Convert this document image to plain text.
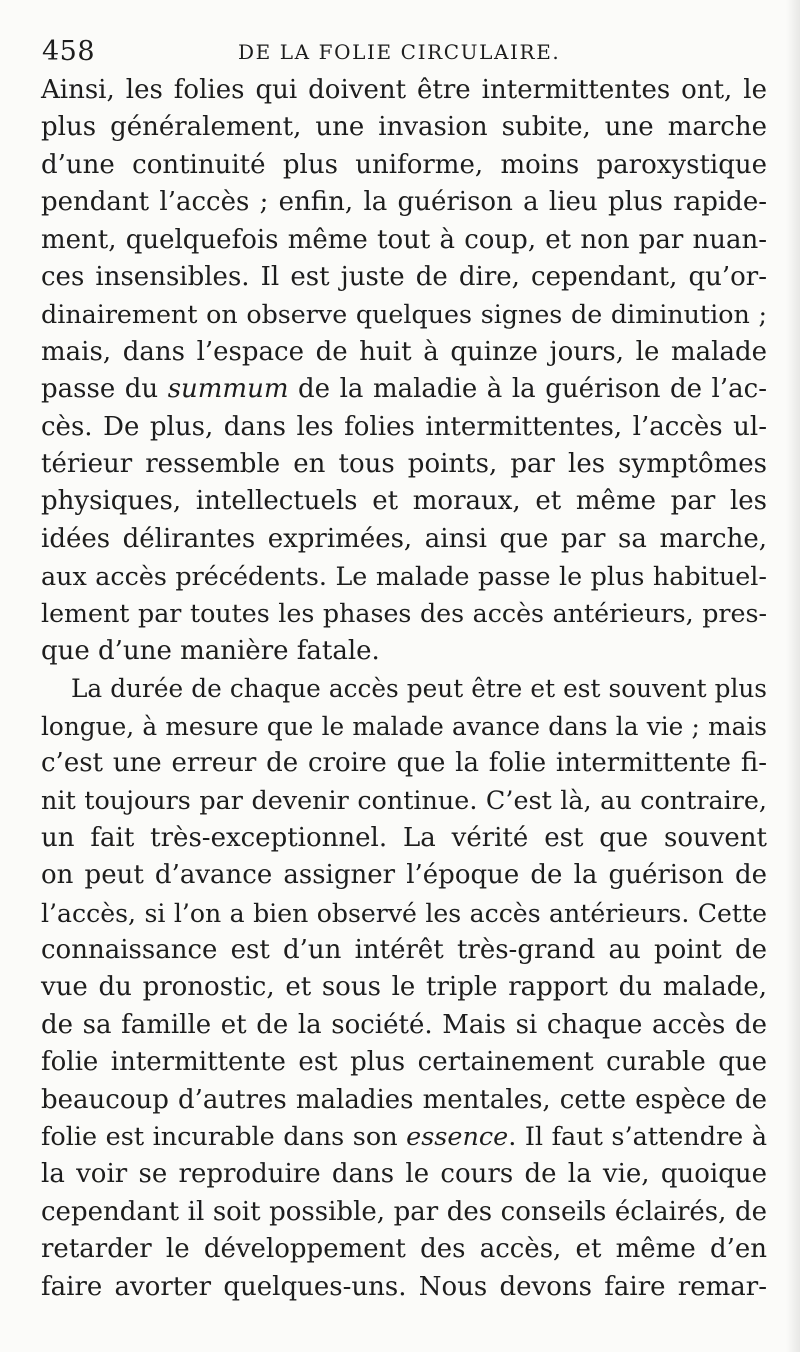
458	DE LA FOLIE CIRCULAIRE.
Ainsi, les folies qui doivent être intermittentes ont, le
plus généralement, une invasion subite, une marche
d’une continuité plus uniforme, moins paroxystique
pendant l’accès ; enfin, la guérison a lieu plus rapide-
ment, quelquefois même tout à coup, et non par nuan-
ces insensibles. Il est juste de dire, cependant, qu’or-
dinairement on observe quelques signes de diminution ;
mais, dans l’espace de huit à quinze jours, le malade
passe du summum de la maladie à la guérison de l’ac-
cès. De plus, dans les folies intermittentes, l’accès ul-
térieur ressemble en tous points, par les symptômes
physiques, intellectuels et moraux, et même par les
idées délirantes exprimées, ainsi que par sa marche,
aux accès précédents. Le malade passe le plus habituel-
lement par toutes les phases des accès antérieurs, pres-
que d’une manière fatale.
La durée de chaque accès peut être et est souvent plus
longue, à mesure que le malade avance dans la vie ; mais
c’est une erreur de croire que la folie intermittente fi-
nit toujours par devenir continue. C’est là, au contraire,
un fait très-exceptionnel. La vérité est que souvent
on peut d’avance assigner l’époque de la guérison de
l’accès, si l’on a bien observé les accès antérieurs. Cette
connaissance est d’un intérêt très-grand au point de
vue du pronostic, et sous le triple rapport du malade,
de sa famille et de la société. Mais si chaque accès de
folie intermittente est plus certainement curable que
beaucoup d’autres maladies mentales, cette espèce de
folie est incurable dans son essence. Il faut s’attendre à
la voir se reproduire dans le cours de la vie, quoique
cependant il soit possible, par des conseils éclairés, de
retarder le développement des accès, et même d’en
faire avorter quelques-uns. Nous devons faire remar-
